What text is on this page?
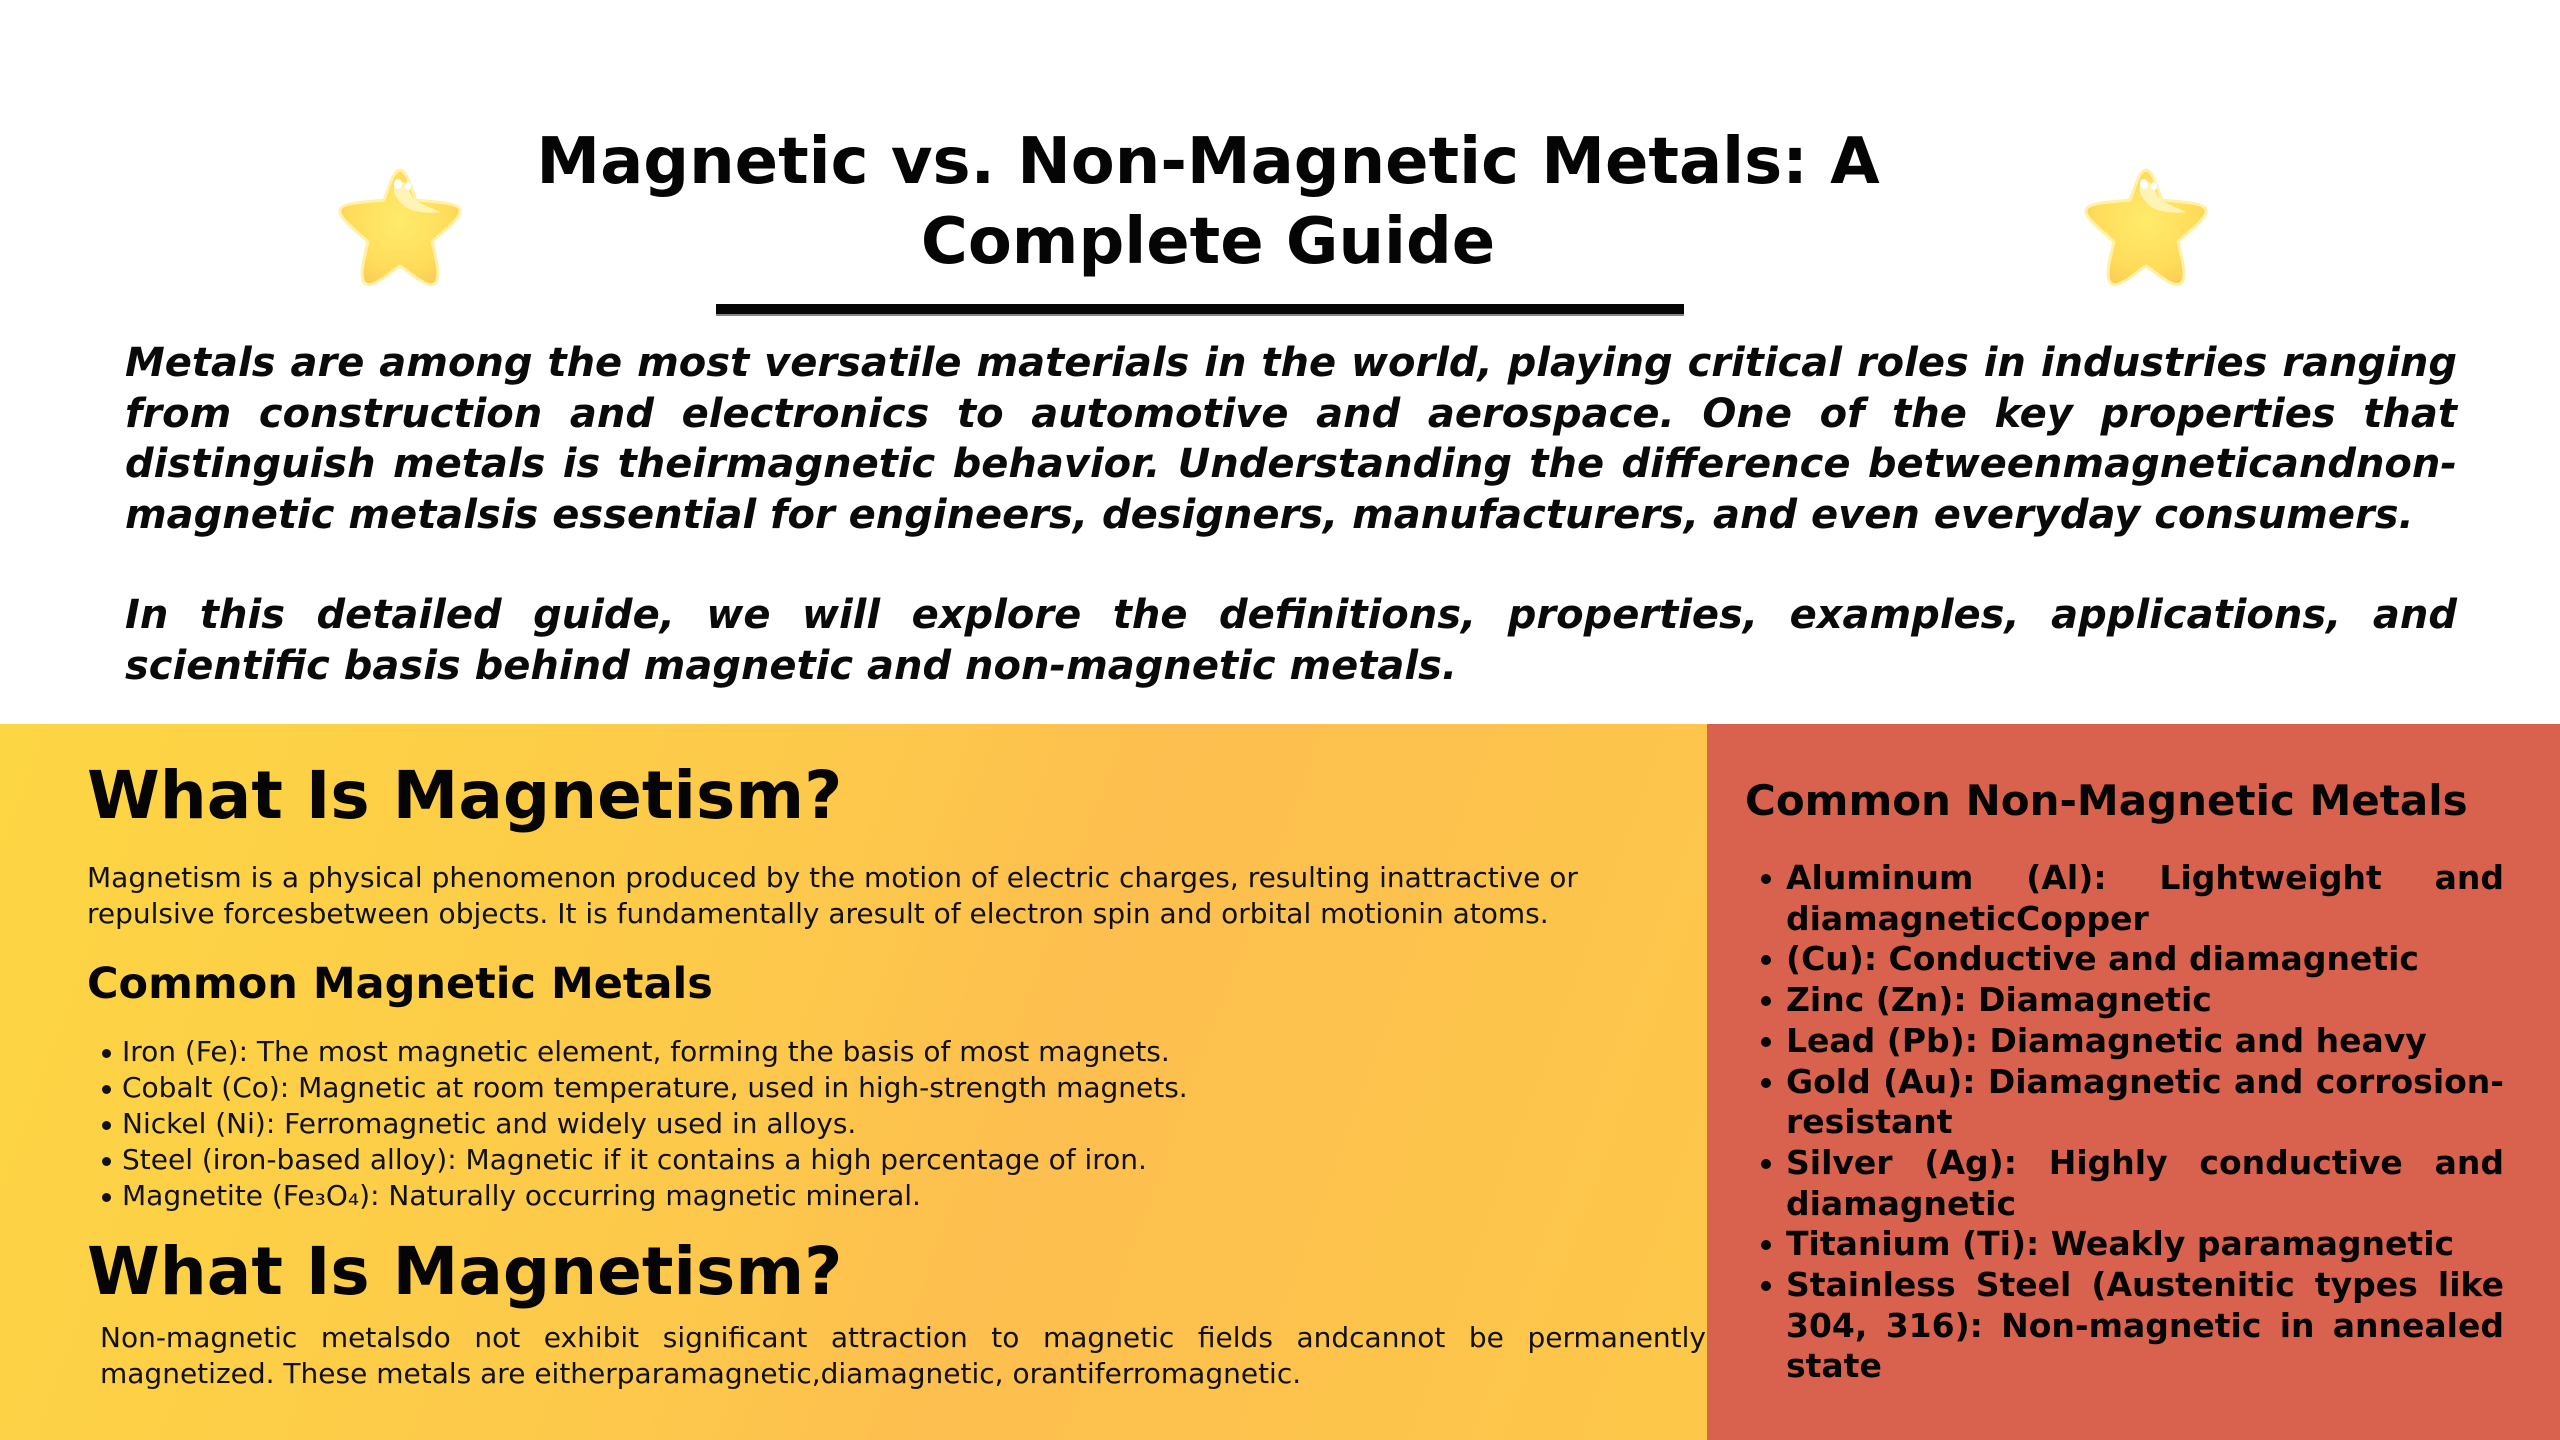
Magnetic vs. Non-Magnetic Metals: A
Complete Guide

Metals are among the most versatile materials in the world, playing critical roles in industries ranging from construction and electronics to automotive and aerospace. One of the key properties that distinguish metals is theirmagnetic behavior. Understanding the difference betweenmagneticandnon-magnetic metalsis essential for engineers, designers, manufacturers, and even everyday consumers.

In this detailed guide, we will explore the definitions, properties, examples, applications, and scientific basis behind magnetic and non-magnetic metals.

What Is Magnetism?

Magnetism is a physical phenomenon produced by the motion of electric charges, resulting inattractive or repulsive forcesbetween objects. It is fundamentally aresult of electron spin and orbital motionin atoms.

Common Magnetic Metals
Iron (Fe): The most magnetic element, forming the basis of most magnets.
Cobalt (Co): Magnetic at room temperature, used in high-strength magnets.
Nickel (Ni): Ferromagnetic and widely used in alloys.
Steel (iron-based alloy): Magnetic if it contains a high percentage of iron.
Magnetite (Fe₃O₄): Naturally occurring magnetic mineral.
What Is Magnetism?

Non-magnetic metalsdo not exhibit significant attraction to magnetic fields andcannot be permanently magnetized. These metals are eitherparamagnetic,diamagnetic, orantiferromagnetic.

Common Non-Magnetic Metals
Aluminum (Al): Lightweight and diamagneticCopper
(Cu): Conductive and diamagnetic
Zinc (Zn): Diamagnetic
Lead (Pb): Diamagnetic and heavy
Gold (Au): Diamagnetic and corrosion-resistant
Silver (Ag): Highly conductive and diamagnetic
Titanium (Ti): Weakly paramagnetic
Stainless Steel (Austenitic types like 304, 316): Non-magnetic in annealed state
